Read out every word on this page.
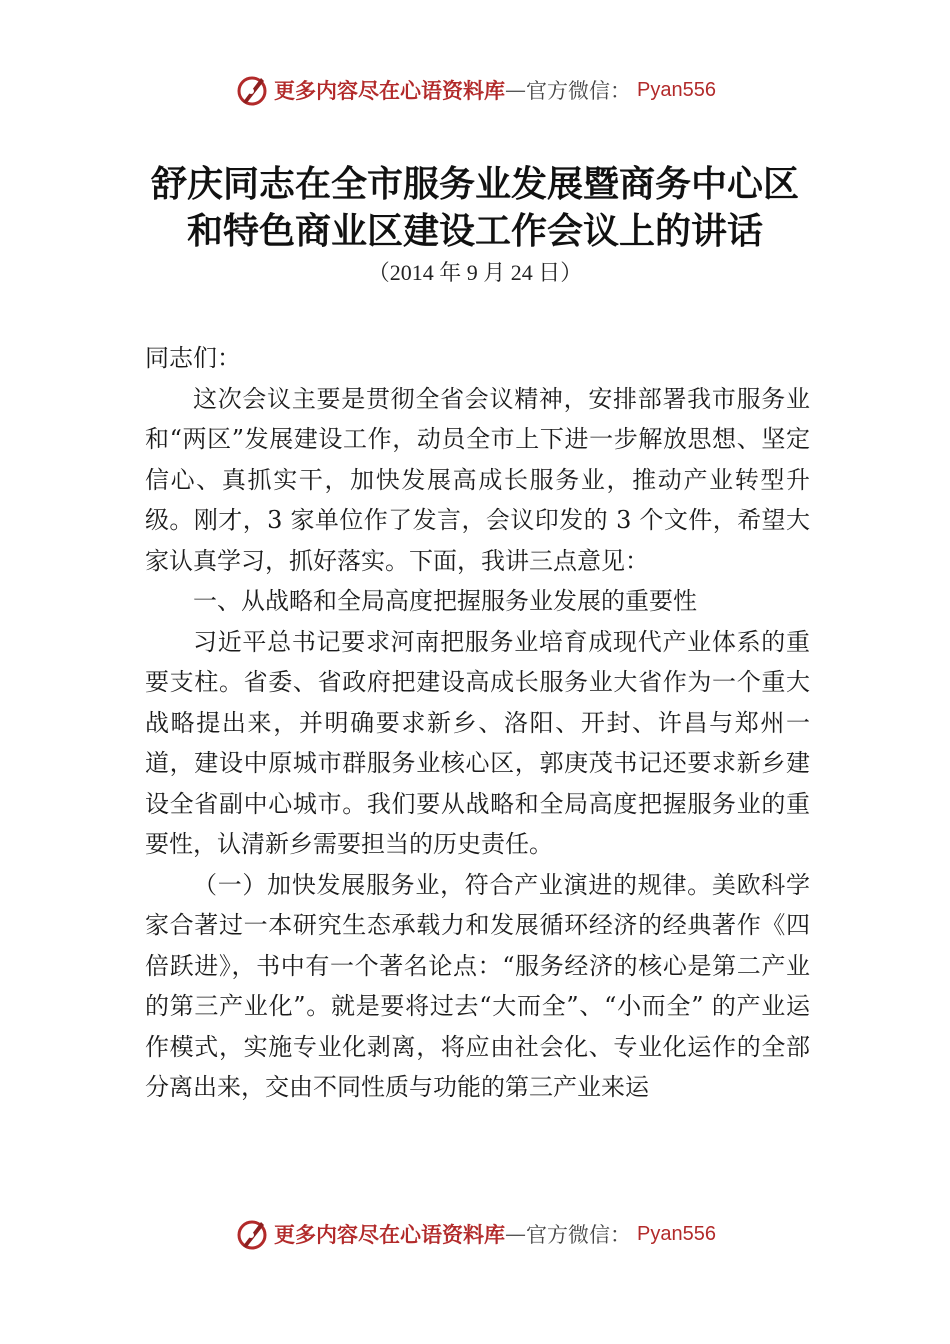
更多内容尽在心语资料库 — 官方微信： Pyan556
舒庆同志在全市服务业发展暨商务中心区
和特色商业区建设工作会议上的讲话
（2014 年 9 月 24 日）

同志们：

这次会议主要是贯彻全省会议精神，安排部署我市服务业和“两区”发展建设工作，动员全市上下进一步解放思想、坚定信心、真抓实干，加快发展高成长服务业，推动产业转型升级。刚才，3 家单位作了发言，会议印发的 3 个文件，希望大家认真学习，抓好落实。下面，我讲三点意见：

一、从战略和全局高度把握服务业发展的重要性

习近平总书记要求河南把服务业培育成现代产业体系的重要支柱。省委、省政府把建设高成长服务业大省作为一个重大战略提出来，并明确要求新乡、洛阳、开封、许昌与郑州一道，建设中原城市群服务业核心区，郭庚茂书记还要求新乡建设全省副中心城市。我们要从战略和全局高度把握服务业的重要性，认清新乡需要担当的历史责任。

（一）加快发展服务业，符合产业演进的规律。美欧科学家合著过一本研究生态承载力和发展循环经济的经典著作《四倍跃进》，书中有一个著名论点：“服务经济的核心是第二产业的第三产业化”。就是要将过去“大而全”、“小而全” 的产业运作模式，实施专业化剥离，将应由社会化、专业化运作的全部分离出来，交由不同性质与功能的第三产业来运

更多内容尽在心语资料库 — 官方微信： Pyan556
